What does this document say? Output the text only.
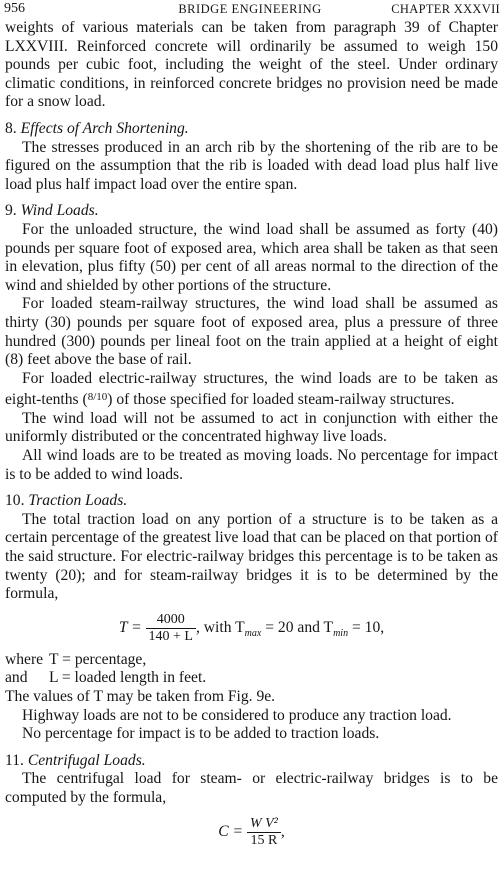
956	BRIDGE ENGINEERING	CHAPTER XXXVII

weights of various materials can be taken from paragraph 39 of Chapter LXXVIII. Reinforced concrete will ordinarily be assumed to weigh 150 pounds per cubic foot, including the weight of the steel. Under ordinary climatic conditions, in reinforced concrete bridges no provision need be made for a snow load.

8. Effects of Arch Shortening.

The stresses produced in an arch rib by the shortening of the rib are to be figured on the assumption that the rib is loaded with dead load plus half live load plus half impact load over the entire span.

9. Wind Loads.

For the unloaded structure, the wind load shall be assumed as forty (40) pounds per square foot of exposed area, which area shall be taken as that seen in elevation, plus fifty (50) per cent of all areas normal to the direction of the wind and shielded by other portions of the structure.

For loaded steam-railway structures, the wind load shall be assumed as thirty (30) pounds per square foot of exposed area, plus a pressure of three hundred (300) pounds per lineal foot on the train applied at a height of eight (8) feet above the base of rail.

For loaded electric-railway structures, the wind loads are to be taken as eight-tenths ($^{8/10}$) of those specified for loaded steam-railway structures.

The wind load will not be assumed to act in conjunction with either the uniformly distributed or the concentrated highway live loads.

All wind loads are to be treated as moving loads. No percentage for impact is to be added to wind loads.

10. Traction Loads.

The total traction load on any portion of a structure is to be taken as a certain percentage of the greatest live load that can be placed on that portion of the said structure. For electric-railway bridges this percentage is to be taken as twenty (20); and for steam-railway bridges it is to be determined by the formula,

$T = \frac{4000}{140 + L}$ , with $T_{max} = 20$ and $T_{min} = 10$,
where T = percentage,
and	L = loaded length in feet.

The values of T may be taken from Fig. 9e.

Highway loads are not to be considered to produce any traction load.

No percentage for impact is to be added to traction loads.

11. Centrifugal Loads.

The centrifugal load for steam- or electric-railway bridges is to be computed by the formula,

$C = \frac{\text{W V²}}{15 R}$ ,
